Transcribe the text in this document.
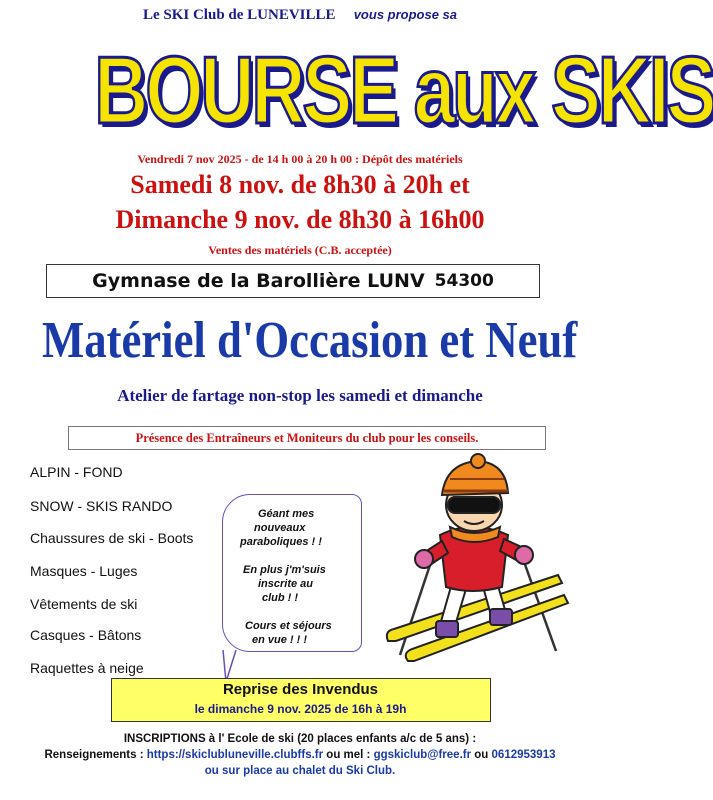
Le SKI Club de LUNEVILLE vous propose sa
BOURSE aux SKIS
Vendredi 7 nov 2025 - de 14 h 00 à 20 h 00 : Dépôt des matériels
Samedi 8 nov. de 8h30 à 20h et
Dimanche 9 nov. de 8h30 à 16h00
Ventes des matériels (C.B. acceptée)
Gymnase de la Barollière LUNV 54300
Matériel d'Occasion et Neuf
Atelier de fartage non-stop les samedi et dimanche
Présence des Entraîneurs et Moniteurs du club pour les conseils.
ALPIN - FOND
SNOW - SKIS RANDO
Chaussures de ski - Boots
Masques - Luges
Vêtements de ski
Casques - Bâtons
Raquettes à neige
Géant mes
nouveaux
paraboliques ! !
En plus j'm'suis
inscrite au
club ! !
Cours et séjours
en vue ! ! !
Reprise des Invendus
le dimanche 9 nov. 2025 de 16h à 19h
INSCRIPTIONS à l' Ecole de ski (20 places enfants a/c de 5 ans) :
Renseignements : https://skiclubluneville.clubffs.fr ou mel : ggskiclub@free.fr ou 0612953913
ou sur place au chalet du Ski Club.
